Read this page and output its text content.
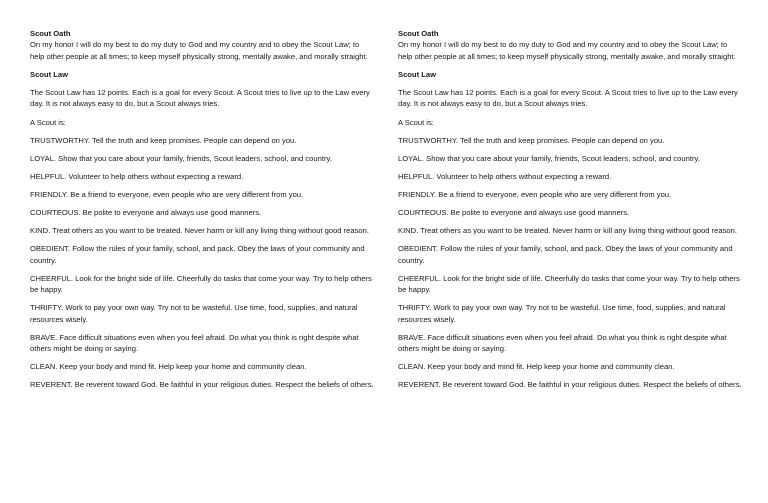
Scout Oath
On my honor I will do my best to do my duty to God and my country and to obey the Scout Law; to help other people at all times; to keep myself physically strong, mentally awake, and morally straight.
Scout Law
The Scout Law has 12 points. Each is a goal for every Scout. A Scout tries to live up to the Law every day. It is not always easy to do, but a Scout always tries.
A Scout is:
TRUSTWORTHY. Tell the truth and keep promises. People can depend on you.
LOYAL. Show that you care about your family, friends, Scout leaders, school, and country.
HELPFUL. Volunteer to help others without expecting a reward.
FRIENDLY. Be a friend to everyone, even people who are very different from you.
COURTEOUS. Be polite to everyone and always use good manners.
KIND. Treat others as you want to be treated. Never harm or kill any living thing without good reason.
OBEDIENT. Follow the rules of your family, school, and pack. Obey the laws of your community and country.
CHEERFUL. Look for the bright side of life. Cheerfully do tasks that come your way. Try to help others be happy.
THRIFTY. Work to pay your own way. Try not to be wasteful. Use time, food, supplies, and natural resources wisely.
BRAVE. Face difficult situations even when you feel afraid. Do what you think is right despite what others might be doing or saying.
CLEAN. Keep your body and mind fit. Help keep your home and community clean.
REVERENT. Be reverent toward God. Be faithful in your religious duties. Respect the beliefs of others.
Scout Oath
On my honor I will do my best to do my duty to God and my country and to obey the Scout Law; to help other people at all times; to keep myself physically strong, mentally awake, and morally straight.
Scout Law
The Scout Law has 12 points. Each is a goal for every Scout. A Scout tries to live up to the Law every day. It is not always easy to do, but a Scout always tries.
A Scout is:
TRUSTWORTHY. Tell the truth and keep promises. People can depend on you.
LOYAL. Show that you care about your family, friends, Scout leaders, school, and country.
HELPFUL. Volunteer to help others without expecting a reward.
FRIENDLY. Be a friend to everyone, even people who are very different from you.
COURTEOUS. Be polite to everyone and always use good manners.
KIND. Treat others as you want to be treated. Never harm or kill any living thing without good reason.
OBEDIENT. Follow the rules of your family, school, and pack. Obey the laws of your community and country.
CHEERFUL. Look for the bright side of life. Cheerfully do tasks that come your way. Try to help others be happy.
THRIFTY. Work to pay your own way. Try not to be wasteful. Use time, food, supplies, and natural resources wisely.
BRAVE. Face difficult situations even when you feel afraid. Do what you think is right despite what others might be doing or saying.
CLEAN. Keep your body and mind fit. Help keep your home and community clean.
REVERENT. Be reverent toward God. Be faithful in your religious duties. Respect the beliefs of others.
